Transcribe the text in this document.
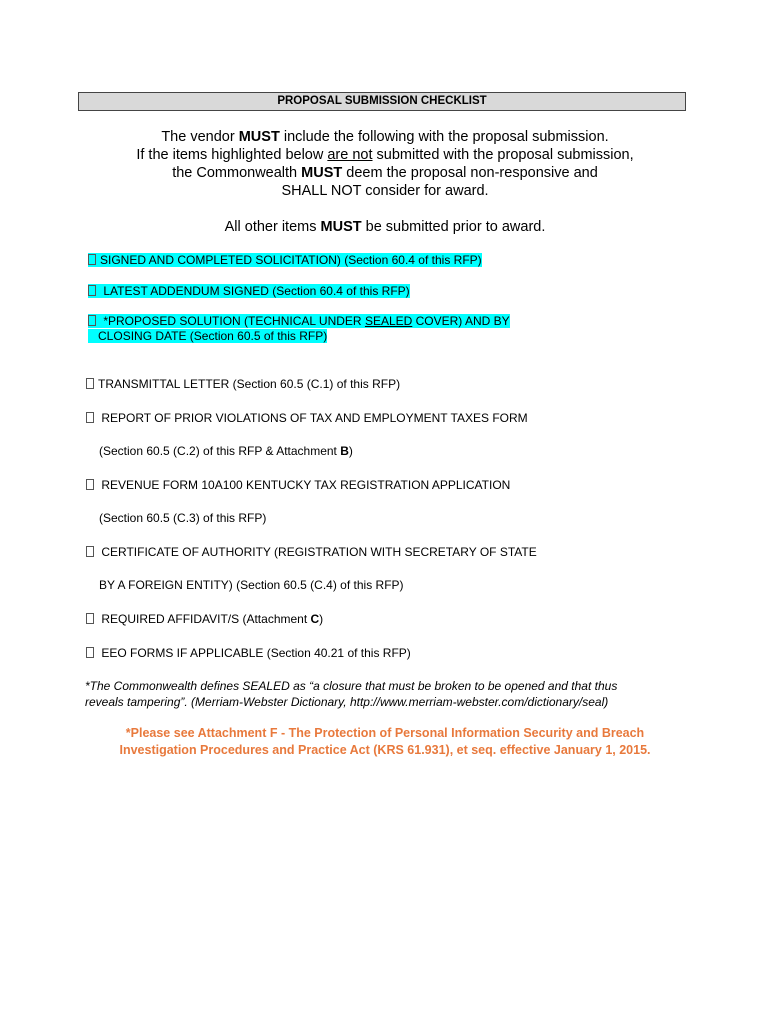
PROPOSAL SUBMISSION CHECKLIST
The vendor MUST include the following with the proposal submission.
If the items highlighted below are not submitted with the proposal submission,
the Commonwealth MUST deem the proposal non-responsive and
SHALL NOT consider for award.
All other items MUST be submitted prior to award.
SIGNED AND COMPLETED SOLICITATION) (Section 60.4 of this RFP)
LATEST ADDENDUM SIGNED (Section 60.4 of this RFP)
*PROPOSED SOLUTION (TECHNICAL UNDER SEALED COVER) AND BY
CLOSING DATE (Section 60.5 of this RFP)
TRANSMITTAL LETTER (Section 60.5 (C.1) of this RFP)
REPORT OF PRIOR VIOLATIONS OF TAX AND EMPLOYMENT TAXES FORM
(Section 60.5 (C.2) of this RFP & Attachment B)
REVENUE FORM 10A100 KENTUCKY TAX REGISTRATION APPLICATION
(Section 60.5 (C.3) of this RFP)
CERTIFICATE OF AUTHORITY (REGISTRATION WITH SECRETARY OF STATE
BY A FOREIGN ENTITY) (Section 60.5 (C.4) of this RFP)
REQUIRED AFFIDAVIT/S (Attachment C)
EEO FORMS IF APPLICABLE (Section 40.21 of this RFP)
*The Commonwealth defines SEALED as “a closure that must be broken to be opened and that thus
reveals tampering”. (Merriam-Webster Dictionary, http://www.merriam-webster.com/dictionary/seal)
*Please see Attachment F - The Protection of Personal Information Security and Breach
Investigation Procedures and Practice Act (KRS 61.931), et seq. effective January 1, 2015.
